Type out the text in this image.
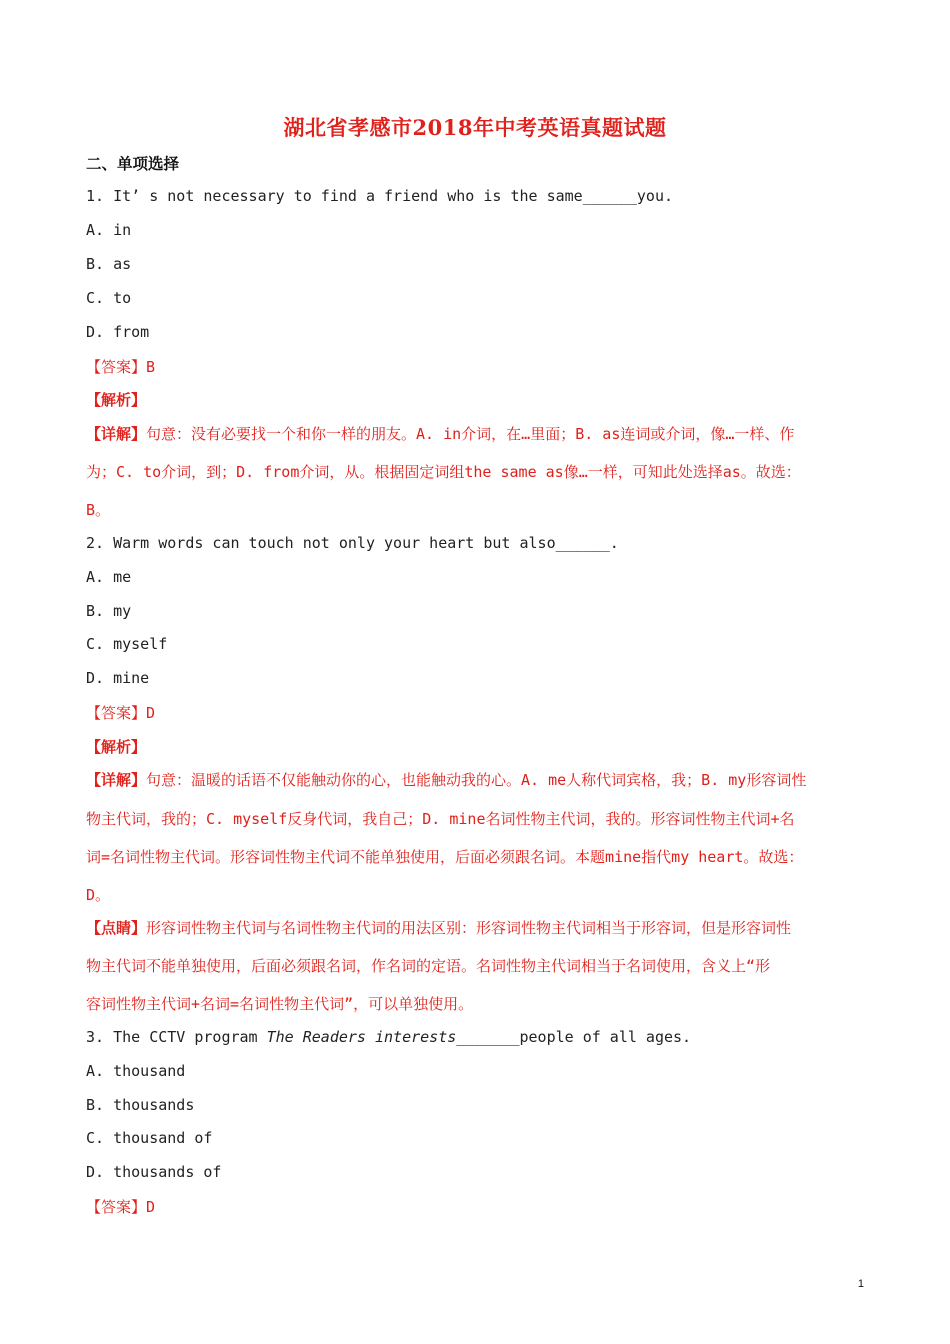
湖北省孝感市2018年中考英语真题试题
二、单项选择
1. It’ s not necessary to find a friend who is the same______you.
A. in
B. as
C. to
D. from
【答案】B
【解析】
【详解】句意：没有必要找一个和你一样的朋友。A. in介词，在…里面；B. as连词或介词，像…一样、作
为；C. to介词，到；D. from介词，从。根据固定词组the same as像…一样，可知此处选择as。故选：
B。
2. Warm words can touch not only your heart but also______.
A. me
B. my
C. myself
D. mine
【答案】D
【解析】
【详解】句意：温暖的话语不仅能触动你的心，也能触动我的心。A. me人称代词宾格，我；B. my形容词性
物主代词，我的；C. myself反身代词，我自己；D. mine名词性物主代词，我的。形容词性物主代词+名
词=名词性物主代词。形容词性物主代词不能单独使用，后面必须跟名词。本题mine指代my heart。故选：
D。
【点睛】形容词性物主代词与名词性物主代词的用法区别：形容词性物主代词相当于形容词，但是形容词性
物主代词不能单独使用，后面必须跟名词，作名词的定语。名词性物主代词相当于名词使用，含义上“形
容词性物主代词+名词=名词性物主代词”，可以单独使用。
3. The CCTV program The Readers interests_______people of all ages.
A. thousand
B. thousands
C. thousand of
D. thousands of
【答案】D
1
